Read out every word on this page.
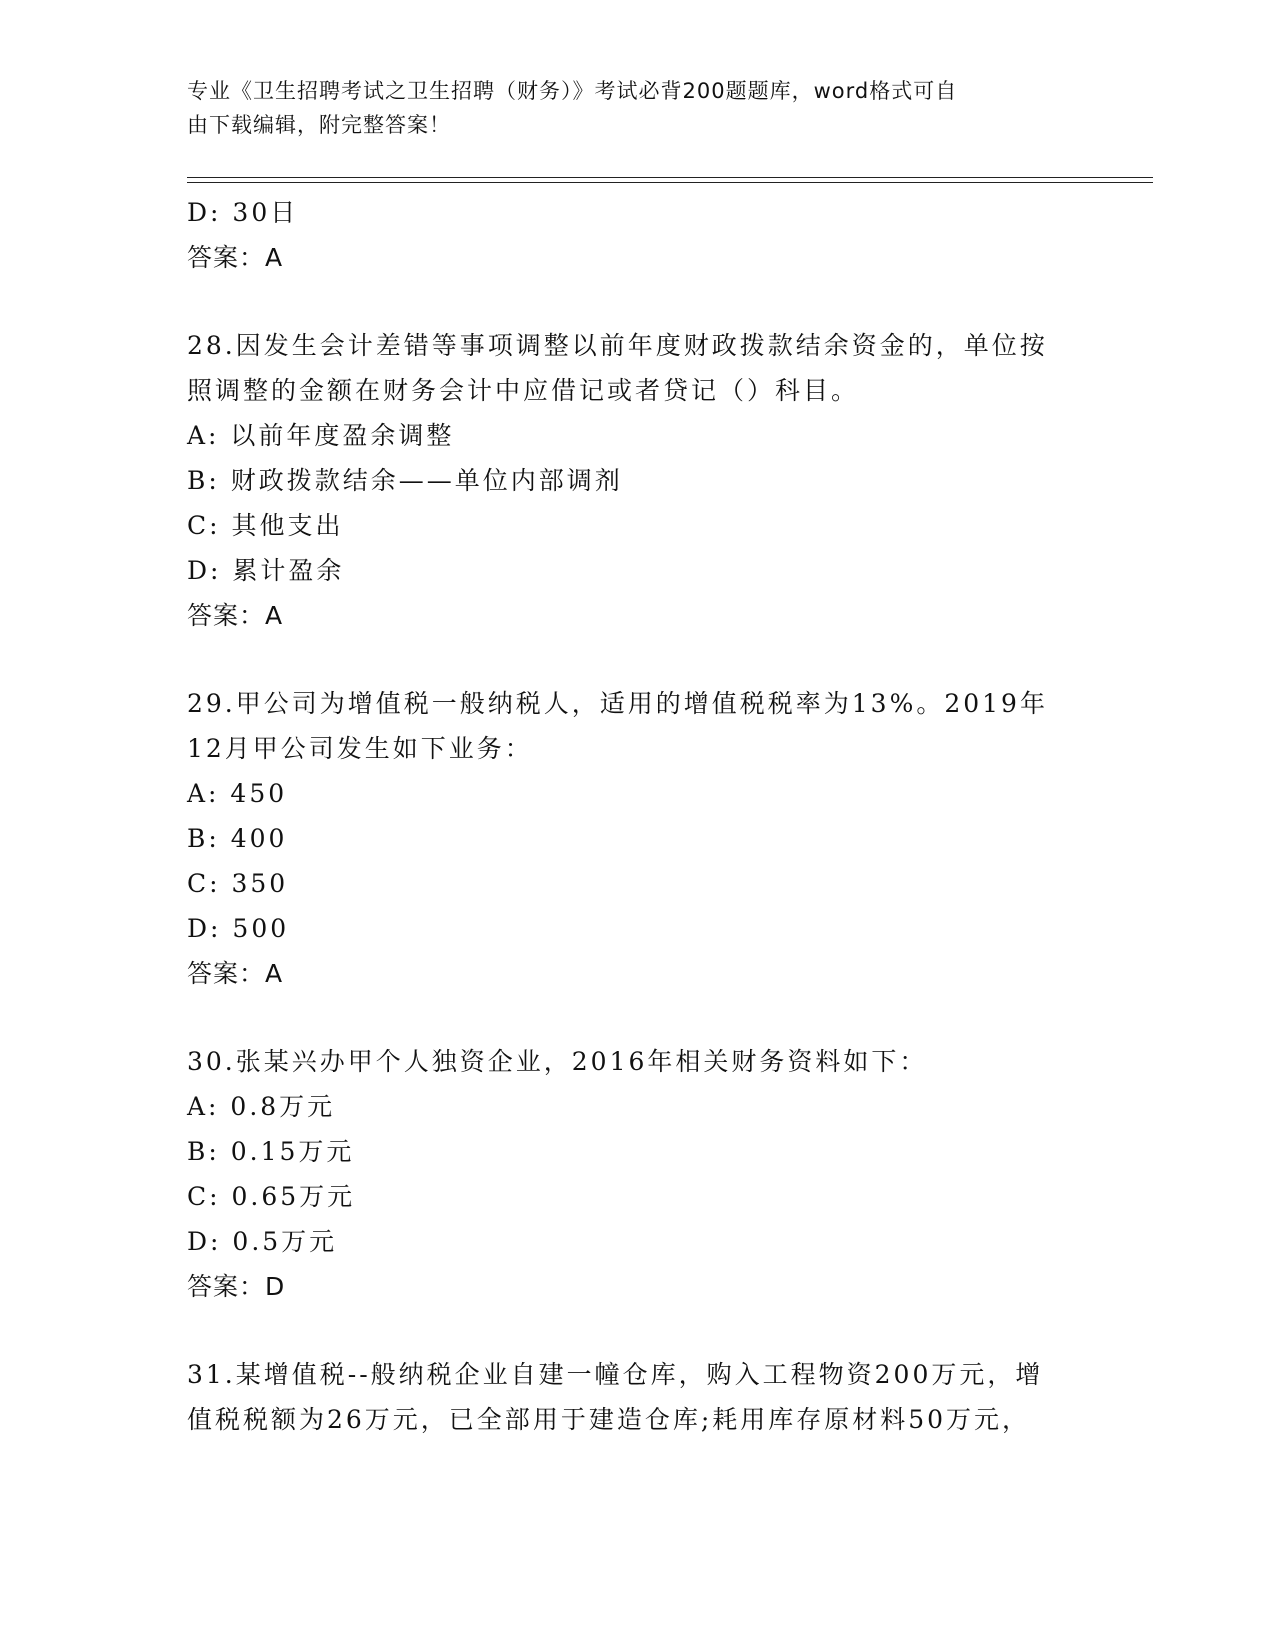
专业《卫生招聘考试之卫生招聘（财务）》考试必背200题题库，word格式可自
由下载编辑，附完整答案！
D: 30日
答案：A
28.因发生会计差错等事项调整以前年度财政拨款结余资金的，单位按
照调整的金额在财务会计中应借记或者贷记（）科目。
A: 以前年度盈余调整
B: 财政拨款结余——单位内部调剂
C: 其他支出
D: 累计盈余
答案：A
29.甲公司为增值税一般纳税人，适用的增值税税率为13%。2019年
12月甲公司发生如下业务：
A: 450
B: 400
C: 350
D: 500
答案：A
30.张某兴办甲个人独资企业，2016年相关财务资料如下：
A: 0.8万元
B: 0.15万元
C: 0.65万元
D: 0.5万元
答案：D
31.某增值税--般纳税企业自建一幢仓库，购入工程物资200万元，增
值税税额为26万元，已全部用于建造仓库;耗用库存原材料50万元，
